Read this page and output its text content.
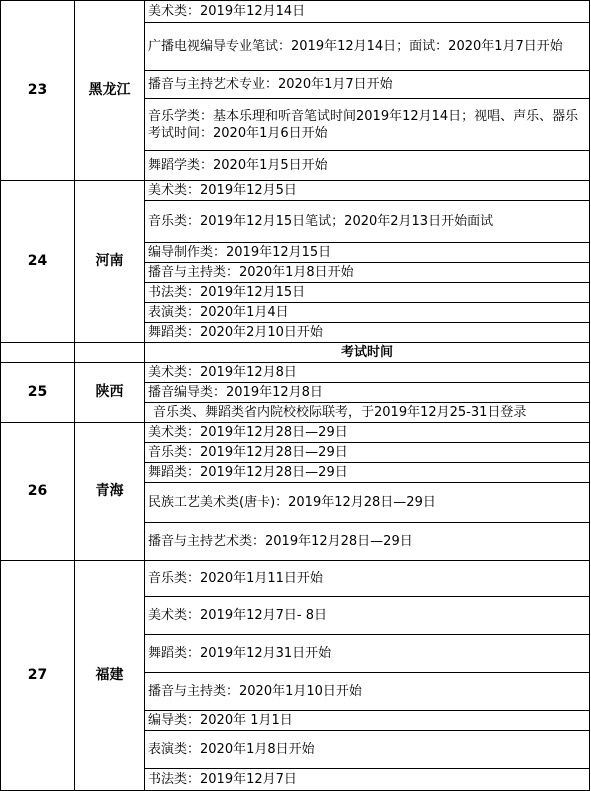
23	黑龙江	美术类：2019年12月14日
		广播电视编导专业笔试：2019年12月14日；面试：2020年1月7日开始
		播音与主持艺术专业：2020年1月7日开始
		音乐学类：基本乐理和听音笔试时间2019年12月14日；视唱、声乐、器乐考试时间：2020年1月6日开始
		舞蹈学类：2020年1月5日开始
24	河南	美术类：2019年12月5日
		音乐类：2019年12月15日笔试；2020年2月13日开始面试
		编导制作类：2019年12月15日
		播音与主持类：2020年1月8日开始
		书法类：2019年12月15日
		表演类：2020年1月4日
		舞蹈类：2020年2月10日开始
		考试时间
25	陕西	美术类：2019年12月8日
		播音编导类：2019年12月8日
		音乐类、舞蹈类省内院校校际联考，于2019年12月25-31日登录
26	青海	美术类：2019年12月28日—29日
		音乐类：2019年12月28日—29日
		舞蹈类：2019年12月28日—29日
		民族工艺美术类(唐卡)：2019年12月28日—29日
		播音与主持艺术类：2019年12月28日—29日
27	福建	音乐类：2020年1月11日开始
		美术类：2019年12月7日- 8日
		舞蹈类：2019年12月31日开始
		播音与主持类：2020年1月10日开始
		编导类：2020年 1月1日
		表演类：2020年1月8日开始
		书法类：2019年12月7日
